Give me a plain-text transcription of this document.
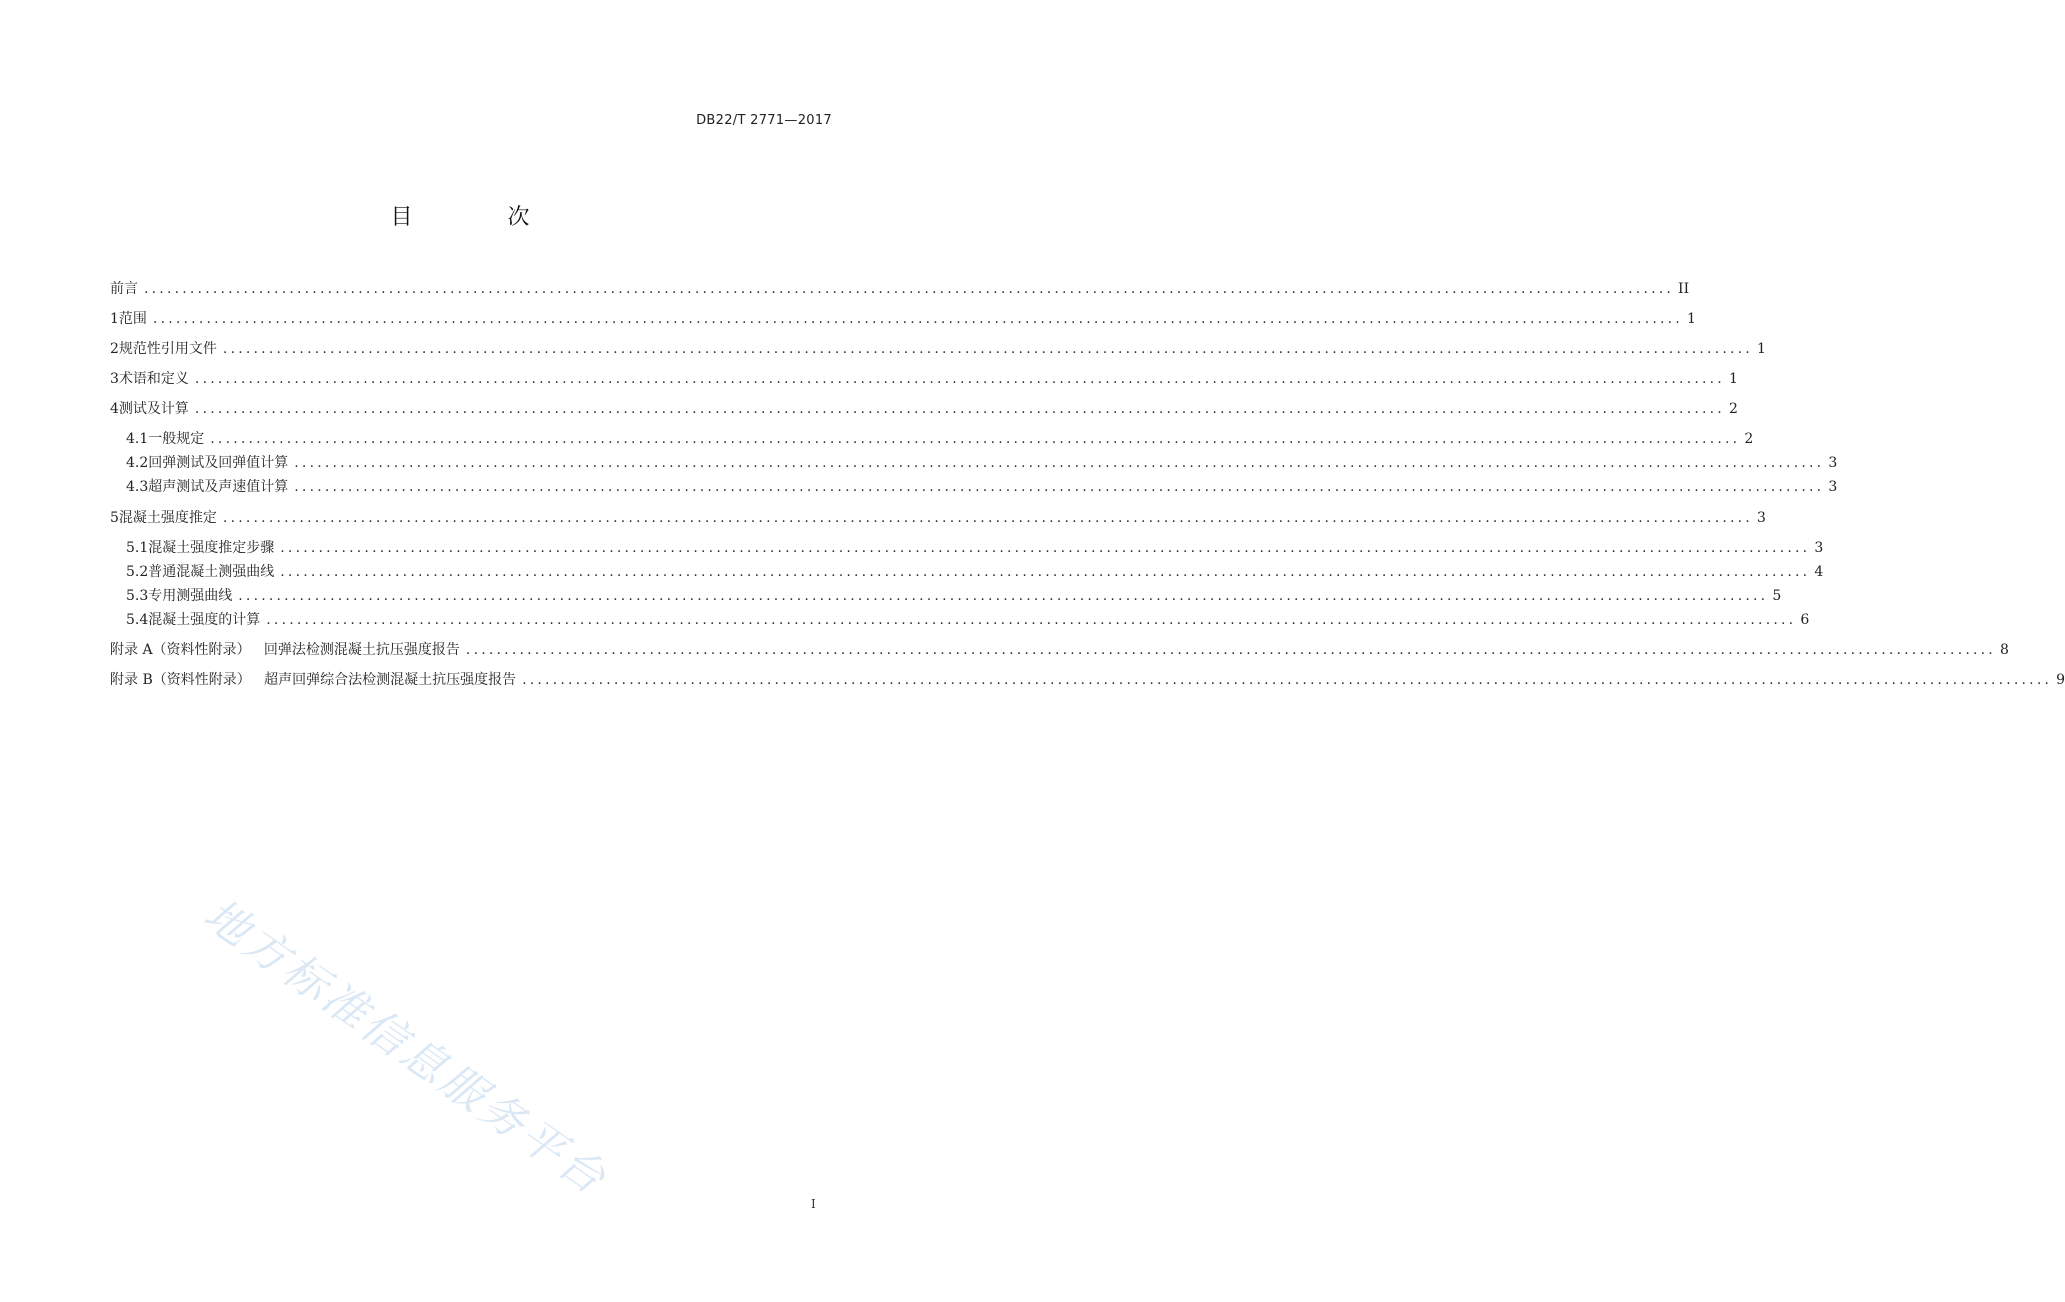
DB22/T 2771—2017
目 次
前言 ........................................................................................................................................................................................................ II
1 范围 ........................................................................................................................................................................................................ 1
2 规范性引用文件 ........................................................................................................................................................................................................ 1
3 术语和定义 ........................................................................................................................................................................................................ 1
4 测试及计算 ........................................................................................................................................................................................................ 2
4.1 一般规定 ........................................................................................................................................................................................................ 2
4.2 回弹测试及回弹值计算 ........................................................................................................................................................................................................ 3
4.3 超声测试及声速值计算 ........................................................................................................................................................................................................ 3
5 混凝土强度推定 ........................................................................................................................................................................................................ 3
5.1 混凝土强度推定步骤 ........................................................................................................................................................................................................ 3
5.2 普通混凝土测强曲线 ........................................................................................................................................................................................................ 4
5.3 专用测强曲线 ........................................................................................................................................................................................................ 5
5.4 混凝土强度的计算 ........................................................................................................................................................................................................ 6
附录 A（资料性附录）   回弹法检测混凝土抗压强度报告 ........................................................................................................................................................................................................ 8
附录 B（资料性附录）   超声回弹综合法检测混凝土抗压强度报告 ........................................................................................................................................................................................................ 9
地方标准信息服务平台	I
